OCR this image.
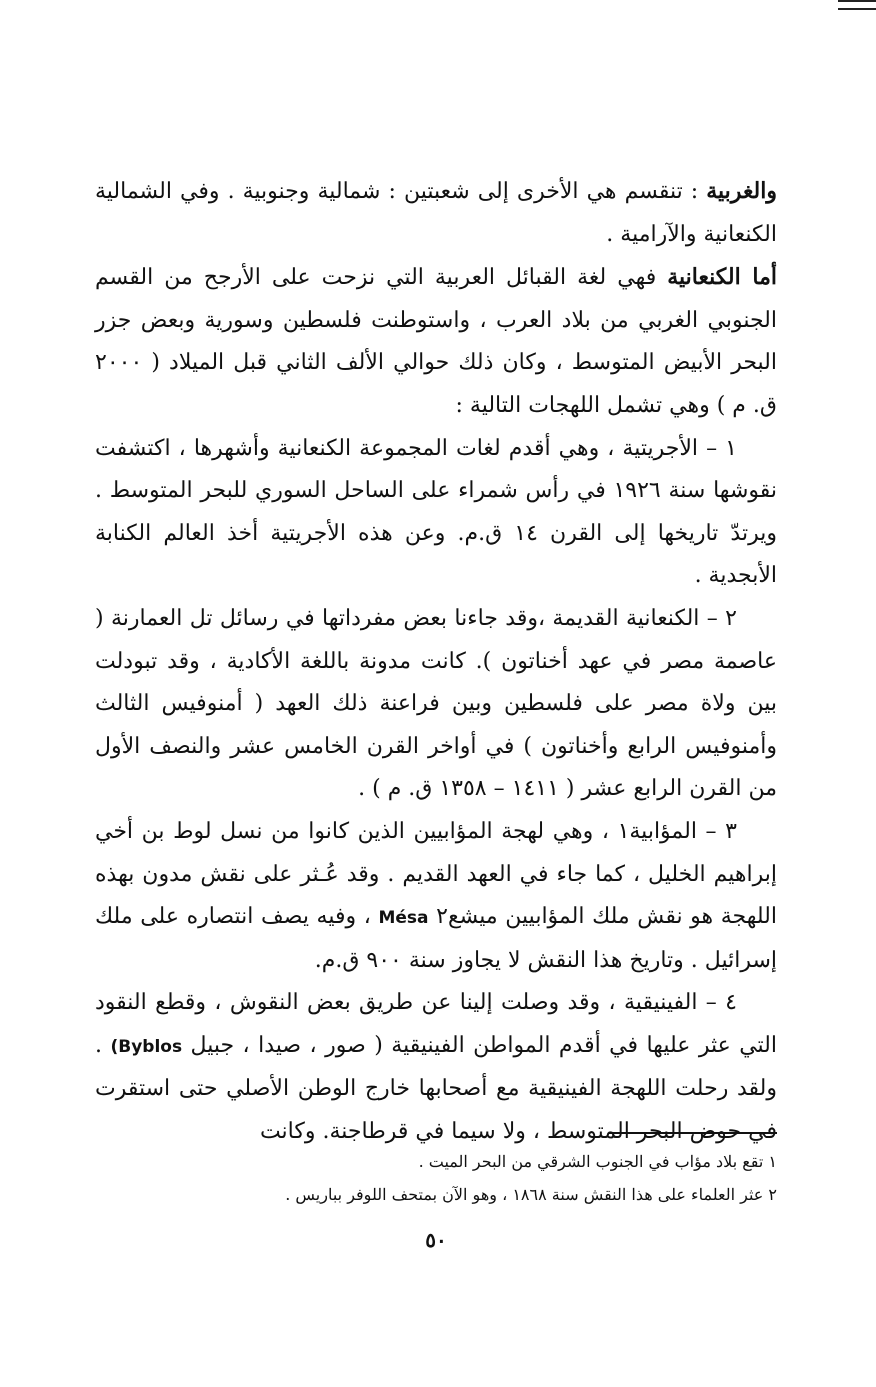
والغربية : تنقسم هي الأخرى إلى شعبتين : شمالية وجنوبية . وفي الشمالية الكنعانية والآرامية .

أما الكنعانية فهي لغة القبائل العربية التي نزحت على الأرجح من القسم الجنوبي الغربي من بلاد العرب ، واستوطنت فلسطين وسورية وبعض جزر البحر الأبيض المتوسط ، وكان ذلك حوالي الألف الثاني قبل الميلاد ( ٢٠٠٠ ق. م ) وهي تشمل اللهجات التالية :

١ – الأجريتية ، وهي أقدم لغات المجموعة الكنعانية وأشهرها ، اكتشفت نقوشها سنة ١٩٢٦ في رأس شمراء على الساحل السوري للبحر المتوسط . ويرتدّ تاريخها إلى القرن ١٤ ق.م. وعن هذه الأجريتية أخذ العالم الكنابة الأبجدية .

٢ – الكنعانية القديمة ،وقد جاءنا بعض مفرداتها في رسائل تل العمارنة ( عاصمة مصر في عهد أخناتون ). كانت مدونة باللغة الأكادية ، وقد تبودلت بين ولاة مصر على فلسطين وبين فراعنة ذلك العهد ( أمنوفيس الثالث وأمنوفيس الرابع وأخناتون ) في أواخر القرن الخامس عشر والنصف الأول من القرن الرابع عشر ( ١٤١١ – ١٣٥٨ ق. م ) .

٣ – المؤابية١ ، وهي لهجة المؤابيين الذين كانوا من نسل لوط بن أخي إبراهيم الخليل ، كما جاء في العهد القديم . وقد عُـثر على نقش مدون بهذه اللهجة هو نقش ملك المؤابيين ميشع٢ Mésa ، وفيه يصف انتصاره على ملك إسرائيل . وتاريخ هذا النقش لا يجاوز سنة ٩٠٠ ق.م.

٤ – الفينيقية ، وقد وصلت إلينا عن طريق بعض النقوش ، وقطع النقود التي عثر عليها في أقدم المواطن الفينيقية ( صور ، صيدا ، جبيل (Byblos . ولقد رحلت اللهجة الفينيقية مع أصحابها خارج الوطن الأصلي حتى استقرت في حوض البحر المتوسط ، ولا سيما في قرطاجنة. وكانت

١ تقع بلاد مؤاب في الجنوب الشرقي من البحر الميت .

٢ عثر العلماء على هذا النقش سنة ١٨٦٨ ، وهو الآن بمتحف اللوفر بباريس .

٥٠
